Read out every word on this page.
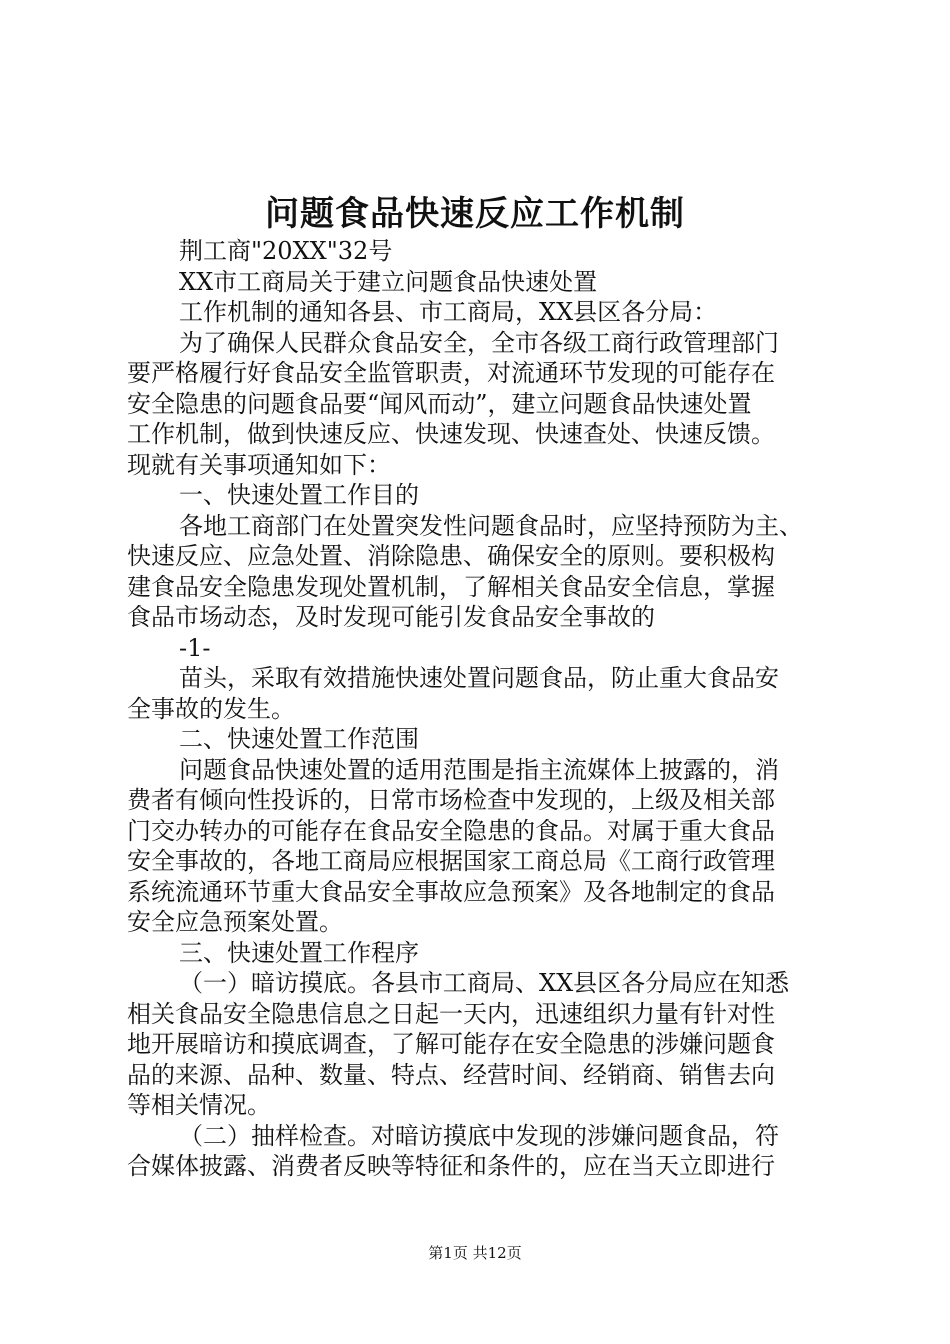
问题食品快速反应工作机制
荆工商"20XX"32号
XX市工商局关于建立问题食品快速处置
工作机制的通知各县、市工商局，XX县区各分局：
为了确保人民群众食品安全，全市各级工商行政管理部门
要严格履行好食品安全监管职责，对流通环节发现的可能存在
安全隐患的问题食品要“闻风而动”，建立问题食品快速处置
工作机制，做到快速反应、快速发现、快速查处、快速反馈。
现就有关事项通知如下：
一、快速处置工作目的
各地工商部门在处置突发性问题食品时，应坚持预防为主、
快速反应、应急处置、消除隐患、确保安全的原则。要积极构
建食品安全隐患发现处置机制，了解相关食品安全信息，掌握
食品市场动态，及时发现可能引发食品安全事故的
-1-
苗头，采取有效措施快速处置问题食品，防止重大食品安
全事故的发生。
二、快速处置工作范围
问题食品快速处置的适用范围是指主流媒体上披露的，消
费者有倾向性投诉的，日常市场检查中发现的，上级及相关部
门交办转办的可能存在食品安全隐患的食品。对属于重大食品
安全事故的，各地工商局应根据国家工商总局《工商行政管理
系统流通环节重大食品安全事故应急预案》及各地制定的食品
安全应急预案处置。
三、快速处置工作程序
（一）暗访摸底。各县市工商局、XX县区各分局应在知悉
相关食品安全隐患信息之日起一天内，迅速组织力量有针对性
地开展暗访和摸底调查，了解可能存在安全隐患的涉嫌问题食
品的来源、品种、数量、特点、经营时间、经销商、销售去向
等相关情况。
（二）抽样检查。对暗访摸底中发现的涉嫌问题食品，符
合媒体披露、消费者反映等特征和条件的，应在当天立即进行
第1页 共12页
